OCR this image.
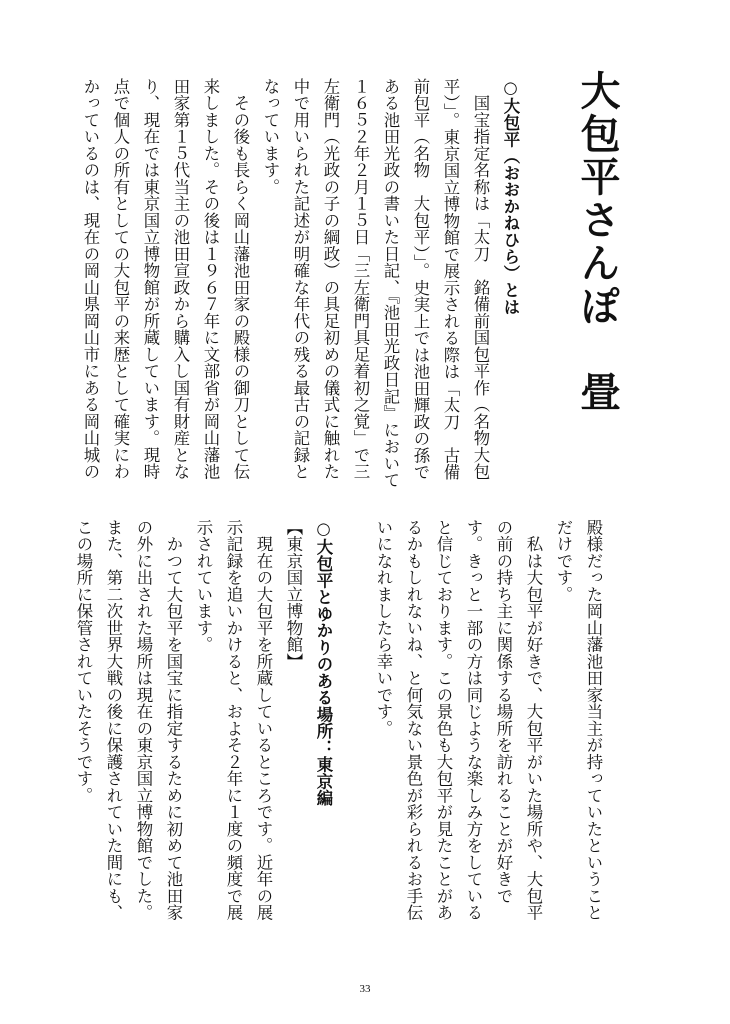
大包平さんぽ　畳
○大包平（おおかねひら）とは
　国宝指定名称は「太刀　銘備前国包平作（名物大包
平）」。東京国立博物館で展示される際は「太刀　古備
前包平（名物　大包平）」。史実上では池田輝政の孫で
ある池田光政の書いた日記、『池田光政日記』において
１６５２年２月１５日「三左衛門具足着初之覚」で三
左衛門（光政の子の綱政）の具足初めの儀式に触れた
中で用いられた記述が明確な年代の残る最古の記録と
なっています。
　その後も長らく岡山藩池田家の殿様の御刀として伝
来しました。その後は１９６７年に文部省が岡山藩池
田家第１５代当主の池田宣政から購入し国有財産とな
り、現在では東京国立博物館が所蔵しています。現時
点で個人の所有としての大包平の来歴として確実にわ
かっているのは、現在の岡山県岡山市にある岡山城の
殿様だった岡山藩池田家当主が持っていたということ
だけです。
　私は大包平が好きで、大包平がいた場所や、大包平
の前の持ち主に関係する場所を訪れることが好きで
す。きっと一部の方は同じような楽しみ方をしている
と信じております。この景色も大包平が見たことがあ
るかもしれないね、と何気ない景色が彩られるお手伝
いになれましたら幸いです。

○大包平とゆかりのある場所：東京編
【東京国立博物館】
　現在の大包平を所蔵しているところです。近年の展
示記録を追いかけると、およそ２年に１度の頻度で展
示されています。
　かつて大包平を国宝に指定するために初めて池田家
の外に出された場所は現在の東京国立博物館でした。
また、第二次世界大戦の後に保護されていた間にも、
この場所に保管されていたそうです。
33
